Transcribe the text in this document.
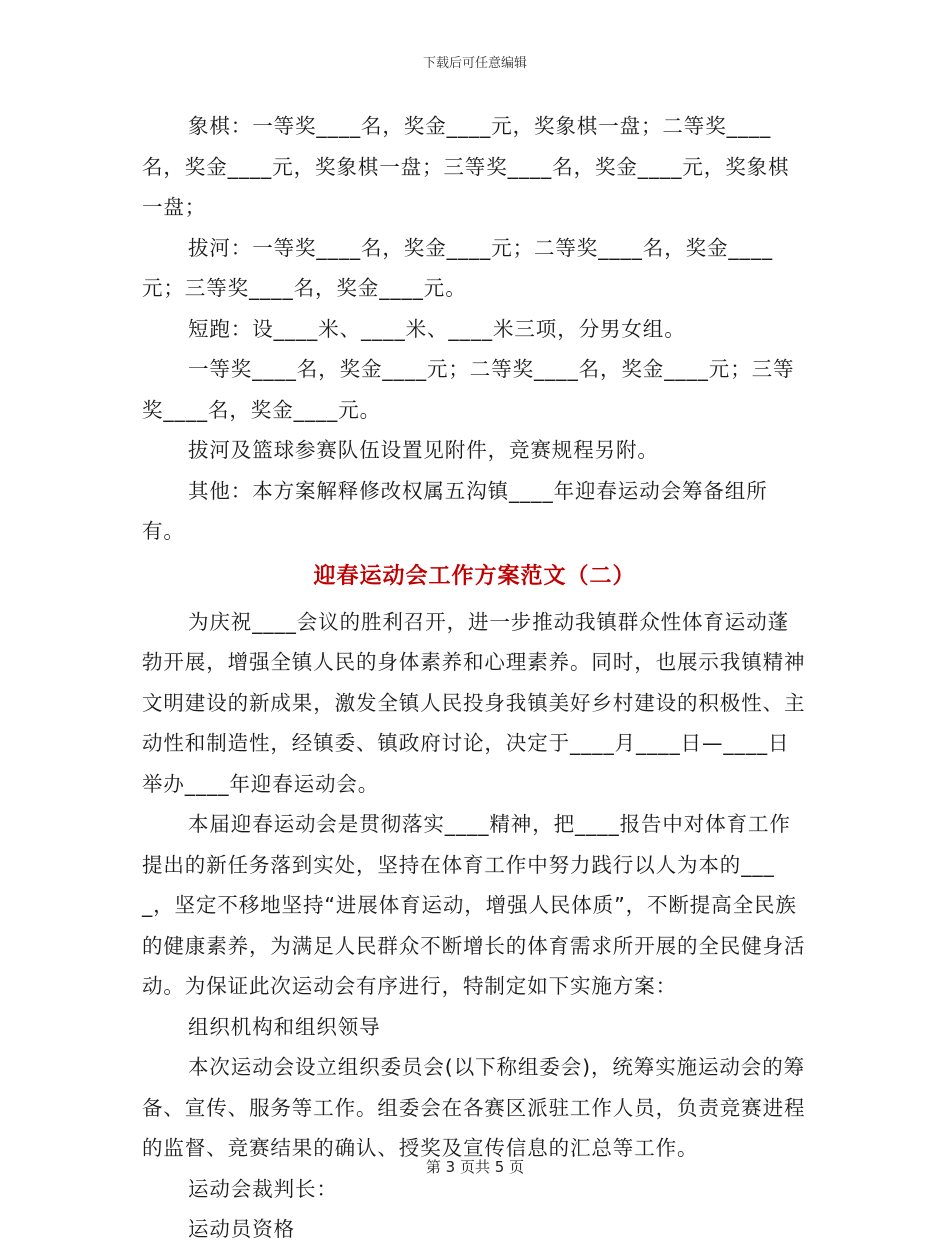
下载后可任意编辑

象棋：一等奖____名，奖金____元，奖象棋一盘；二等奖____名，奖金____元，奖象棋一盘；三等奖____名，奖金____元，奖象棋一盘；

拔河：一等奖____名，奖金____元；二等奖____名，奖金____元；三等奖____名，奖金____元。

短跑：设____米、____米、____米三项，分男女组。

一等奖____名，奖金____元；二等奖____名，奖金____元；三等奖____名，奖金____元。

拔河及篮球参赛队伍设置见附件，竞赛规程另附。

其他：本方案解释修改权属五沟镇____年迎春运动会筹备组所有。

迎春运动会工作方案范文（二）

为庆祝____会议的胜利召开，进一步推动我镇群众性体育运动蓬勃开展，增强全镇人民的身体素养和心理素养。同时，也展示我镇精神文明建设的新成果，激发全镇人民投身我镇美好乡村建设的积极性、主动性和制造性，经镇委、镇政府讨论，决定于____月____日—____日举办____年迎春运动会。

本届迎春运动会是贯彻落实____精神，把____报告中对体育工作提出的新任务落到实处，坚持在体育工作中努力践行以人为本的____，坚定不移地坚持“进展体育运动，增强人民体质”，不断提高全民族的健康素养，为满足人民群众不断增长的体育需求所开展的全民健身活动。为保证此次运动会有序进行，特制定如下实施方案：

组织机构和组织领导

本次运动会设立组织委员会(以下称组委会)，统筹实施运动会的筹备、宣传、服务等工作。组委会在各赛区派驻工作人员，负责竞赛进程的监督、竞赛结果的确认、授奖及宣传信息的汇总等工作。

运动会裁判长：

运动员资格

第 3 页共 5 页
